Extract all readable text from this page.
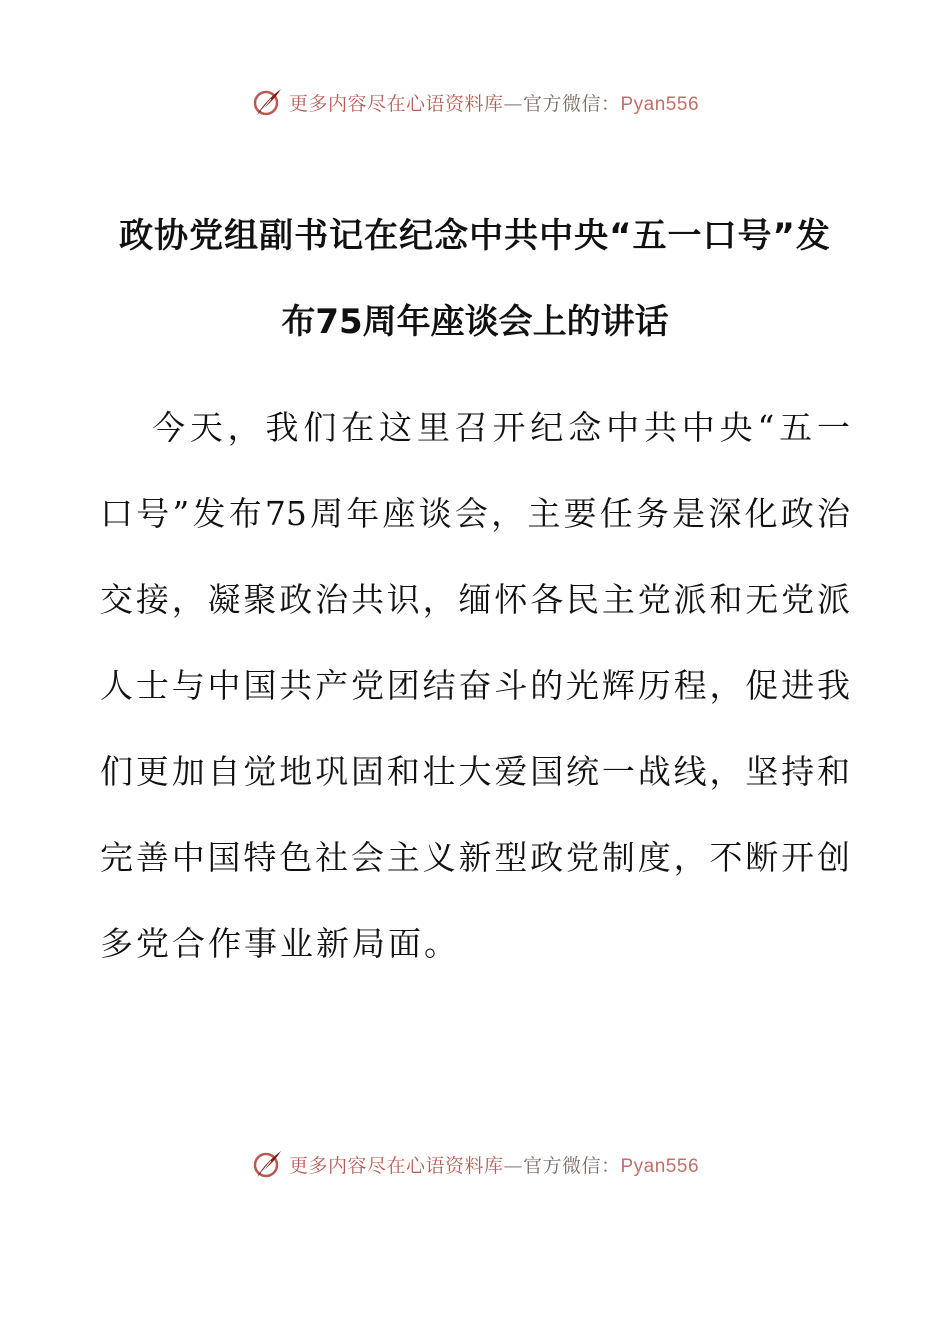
更多内容尽在心语资料库—官方微信：Pyan556
政协党组副书记在纪念中共中央“五一口号”发
布75周年座谈会上的讲话

今天，我们在这里召开纪念中共中央“五一

口号”发布75周年座谈会，主要任务是深化政治

交接，凝聚政治共识，缅怀各民主党派和无党派

人士与中国共产党团结奋斗的光辉历程，促进我

们更加自觉地巩固和壮大爱国统一战线，坚持和

完善中国特色社会主义新型政党制度，不断开创

多党合作事业新局面。

更多内容尽在心语资料库—官方微信：Pyan556
